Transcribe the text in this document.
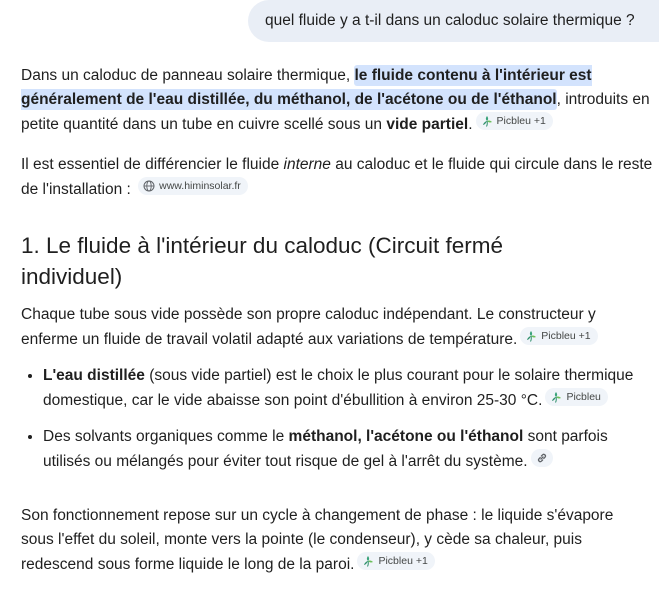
quel fluide y a t-il dans un caloduc solaire thermique ?

Dans un caloduc de panneau solaire thermique, le fluide contenu à l'intérieur est généralement de l'eau distillée, du méthanol, de l'acétone ou de l'éthanol, introduits en petite quantité dans un tube en cuivre scellé sous un vide partiel. Picbleu +1

Il est essentiel de différencier le fluide interne au caloduc et le fluide qui circule dans le reste de l'installation : www.himinsolar.fr

1. Le fluide à l'intérieur du caloduc (Circuit fermé individuel)

Chaque tube sous vide possède son propre caloduc indépendant. Le constructeur y enferme un fluide de travail volatil adapté aux variations de température. Picbleu +1

• L'eau distillée (sous vide partiel) est le choix le plus courant pour le solaire thermique domestique, car le vide abaisse son point d'ébullition à environ 25-30 °C. Picbleu
• Des solvants organiques comme le méthanol, l'acétone ou l'éthanol sont parfois utilisés ou mélangés pour éviter tout risque de gel à l'arrêt du système.

Son fonctionnement repose sur un cycle à changement de phase : le liquide s'évapore sous l'effet du soleil, monte vers la pointe (le condenseur), y cède sa chaleur, puis redescend sous forme liquide le long de la paroi. Picbleu +1
